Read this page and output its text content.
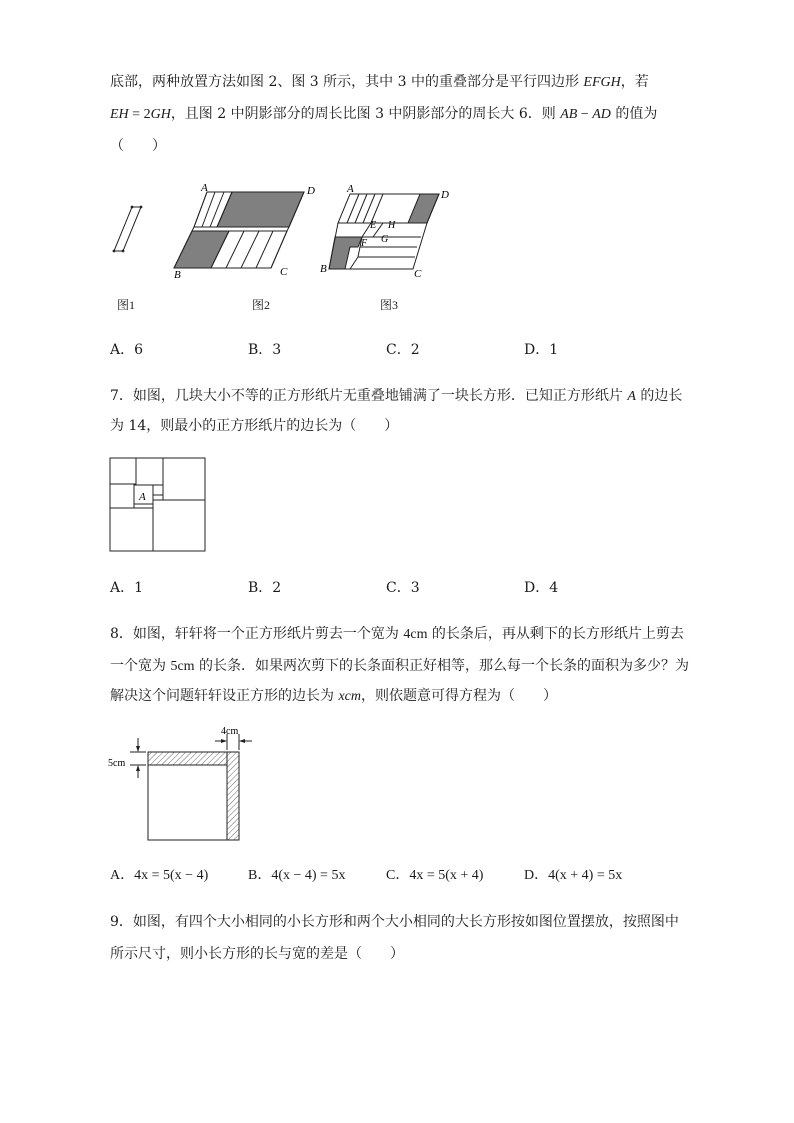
底部，两种放置方法如图 2、图 3 所示，其中 3 中的重叠部分是平行四边形 EFGH，若
EH = 2GH，且图 2 中阴影部分的周长比图 3 中阴影部分的周长大 6．则 AB − AD 的值为
（　　）
图1
A	D
B	C
图2
A	D
B	C
E H
F G
图3
A．6	B．3	C．2	D．1
7．如图，几块大小不等的正方形纸片无重叠地铺满了一块长方形．已知正方形纸片 A 的边长
为 14，则最小的正方形纸片的边长为（　　）
A
A．1	B．2	C．3	D．4
8．如图，轩轩将一个正方形纸片剪去一个宽为 4cm 的长条后，再从剩下的长方形纸片上剪去
一个宽为 5cm 的长条．如果两次剪下的长条面积正好相等，那么每一个长条的面积为多少？为
解决这个问题轩轩设正方形的边长为 xcm，则依题意可得方程为（　　）
4cm
5cm
A．4x = 5(x − 4)	B．4(x − 4) = 5x	C．4x = 5(x + 4)	D．4(x + 4) = 5x
9．如图，有四个大小相同的小长方形和两个大小相同的大长方形按如图位置摆放，按照图中
所示尺寸，则小长方形的长与宽的差是（　　）
